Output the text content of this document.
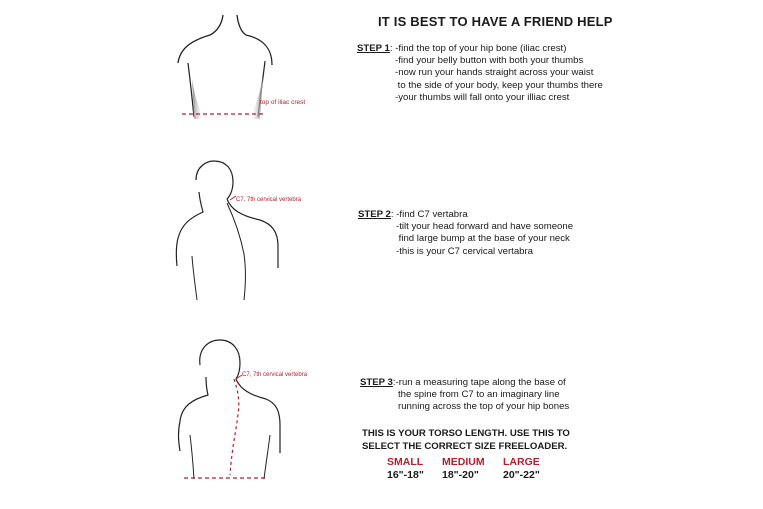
top of iliac crest
C7, 7th cervical vertebra
C7, 7th cervical vertebra
IT IS BEST TO HAVE A FRIEND HELP
STEP 1: -find the top of your hip bone (iliac crest)
-find your belly button with both your thumbs
-now run your hands straight across your waist
to the side of your body, keep your thumbs there
-your thumbs will fall onto your illiac crest
STEP 2: -find C7 vertabra
-tilt your head forward and have someone
find large bump at the base of your neck
-this is your C7 cervical vertabra
STEP 3:-run a measuring tape along the base of
the spine from C7 to an imaginary line
running across the top of your hip bones
THIS IS YOUR TORSO LENGTH. USE THIS TO
SELECT THE CORRECT SIZE FREELOADER.
SMALL
16"-18"
MEDIUM
18"-20"
LARGE
20"-22"
